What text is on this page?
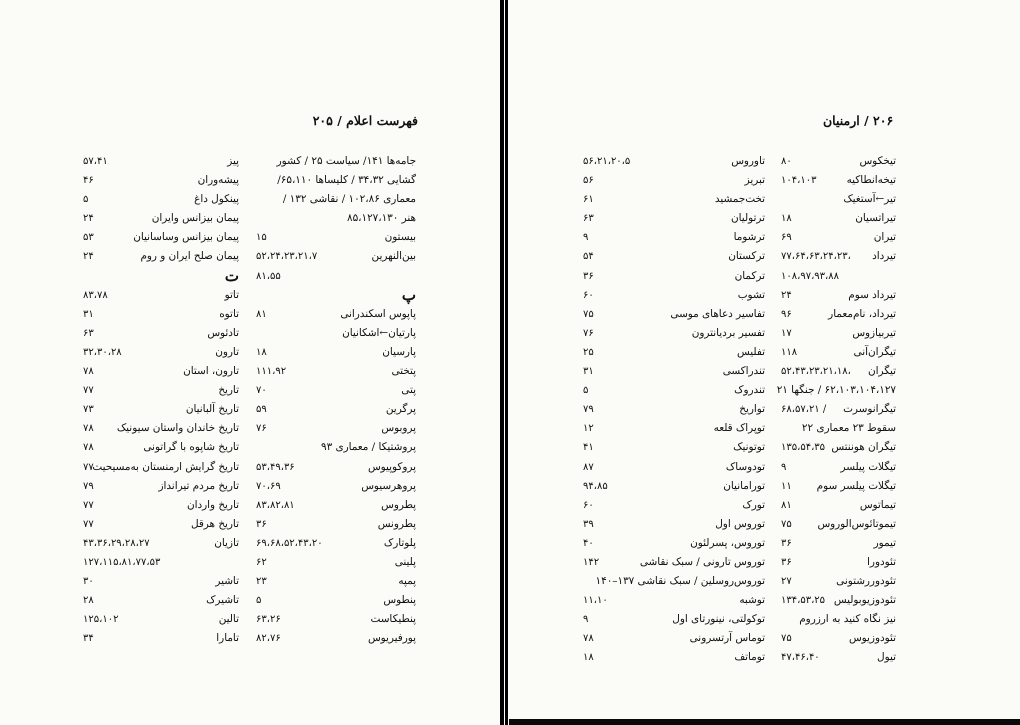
فهرست اعلام / ۲۰۵
پیز
۵۷،۴۱
پیشه‌وران
۴۶
پینکول داغ
۵
پیمان بیزانس وایران
۲۴
پیمان بیزانس وساسانیان
۵۳
پیمان صلح ایران و روم
۲۴
ت
تاتو
۸۳،۷۸
تاتوه
۳۱
تادئوس
۶۳
تارون
۳۲،۳۰،۲۸
تارون، استان
۷۸
تاریخ
۷۷
تاریخ آلبانیان
۷۳
تاریخ خاندان واستان سیونیک
۷۸
تاریخ شاپوه با گراتونی
۷۸
تاریخ گرایش ارمنستان به‌مسیحیت
۷۷
تاریخ مردم تیرانداز
۷۹
تاریخ واردان
۷۷
تاریخ هرقل
۷۷
تازیان
۴۳،۳۶،۲۹،۲۸،۲۷
۱۲۷،۱۱۵،۸۱،۷۷،۵۳
تاشیر
۳۰
تاشیرک
۲۸
تالین
۱۲۵،۱۰۲
تامارا
۳۴
جامه‌ها ۱۴۱/ سیاست ۲۵ / کشور‌
گشایی ۳۴،۳۲ / کلیساها ۶۵،۱۱۰/
معماری ۱۰۲،۸۶ / نقاشی ۱۳۲ /
هنر ۸۵،۱۲۷،۱۳۰
بیستون
۱۵
بین‌النهرین
۵۲،۲۴،۲۳،۲۱،۷
۸۱،۵۵
پ
پاپوس اسکندرانی
۸۱
پارتیان←اشکانیان
پارسیان
۱۸
پتختی
۱۱۱،۹۲
پتی
۷۰
پرگرین
۵۹
پروبوس
۷۶
پروشتیکا / معماری ۹۳
پروکوپیوس
۵۳،۴۹،۳۶
پروهرسیوس
۷۰،۶۹
پطروس
۸۳،۸۲،۸۱
پطرونس
۳۶
پلوتارک
۶۹،۶۸،۵۲،۴۳،۲۰
پلینی
۶۲
پمپه
۲۳
پنطوس
۵
پنطیکاست
۶۳،۲۶
پورفیریوس
۸۲،۷۶
۲۰۶ / ارمنیان
تاوروس
۵۶،۲۱،۲۰،۵
تبریز
۵۶
تخت‌جمشید
۶۱
ترتولیان
۶۳
ترشوما
۹
ترکستان
۵۴
ترکمان
۳۶
تشوب
۶۰
تفاسیر دعاهای موسی
۷۵
تفسیر بردیانترون
۷۶
تفلیس
۲۵
تندراکسی
۳۱
تندروک
۵
تواریخ
۷۹
توپراک قلعه
۱۲
توتونیک
۴۱
تودوساک
۸۷
تورامانیان
۹۴،۸۵
تورک
۶۰
توروس اول
۳۹
توروس، پسرلئون
۴۰
توروس تارونی / سبک نقاشی
۱۴۲
توروس‌روسلین / سبک نقاشی ۱۳۷–۱۴۰
توشبه
۱۱،۱۰
توکولتی، نینورتای اول
۹
توماس آرتسرونی
۷۸
توماتف
۱۸
تیخکوس
۸۰
تیخه‌انطاکیه
۱۰۴،۱۰۳
تیر←آستغیک
تیراتسیان
۱۸
تیران
۶۹
تیرداد
۷۷،۶۴،۶۳،۲۴،۲۳،
۱۰۸،۹۷،۹۳،۸۸
تیرداد سوم
۲۴
تیرداد، نام‌معمار
۹۶
تیربیازوس
۱۷
تیگران‌آنی
۱۱۸
تیگران
۵۲،۴۳،۲۳،۲۱،۱۸،
۶۲،۱۰۳،۱۰۴،۱۲۷ / جنگها ۲۱
تیگرانوسرت
۶۸،۵۷،۲۱ /
سقوط ۲۳ معماری ۲۲
تیگران هوننتس
۱۳۵،۵۴،۳۵
تیگلات پیلسر
۹
تیگلات پیلسر سوم
۱۱
تیماتوس
۸۱
تیموتائوس‌الوروس
۷۵
تیمور
۳۶
تئودورا
۳۶
تئودوررشتونی
۲۷
تئودوزیوبولیس
۱۳۴،۵۳،۲۵
نیز نگاه کنید به ارزروم
تئودوزیوس
۷۵
تیول
۴۷،۴۶،۴۰
